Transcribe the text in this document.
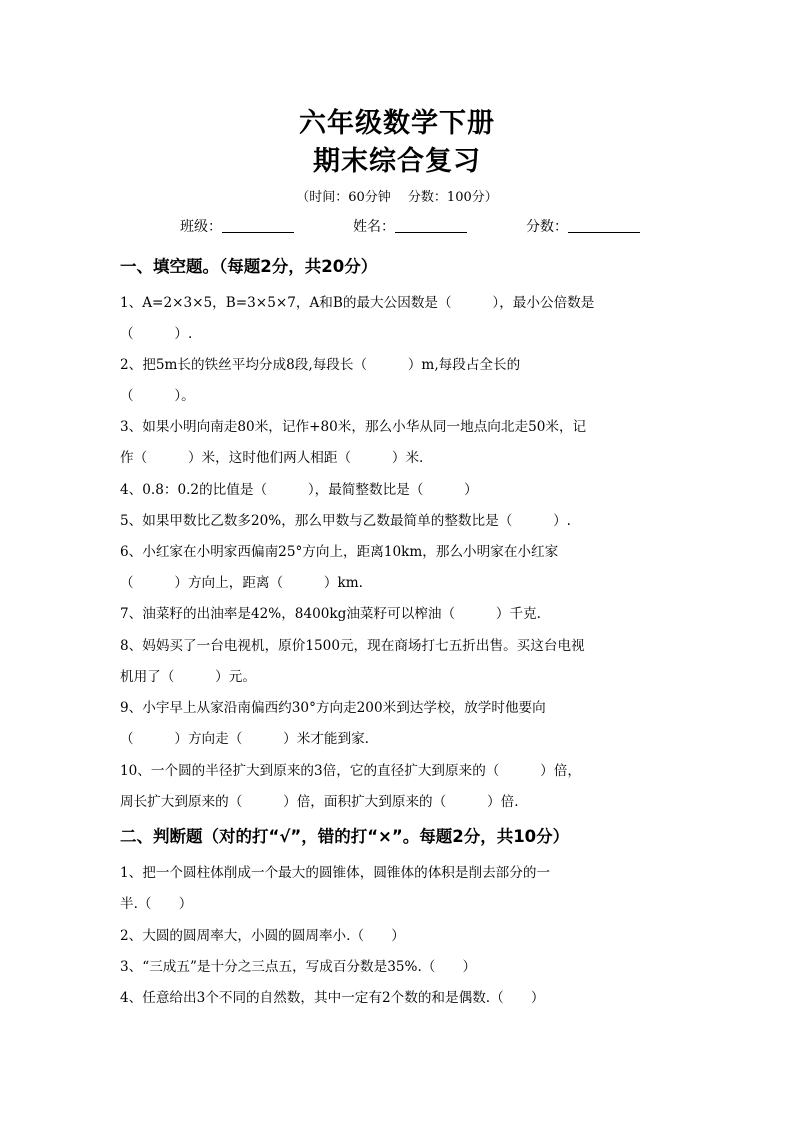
六年级数学下册
期末综合复习
（时间：60分钟　 分数：100分）
班级：	姓名：	分数：
一、填空题。（每题2分，共20分）
1、A=2×3×5，B=3×5×7，A和B的最大公因数是（　　　），最小公倍数是
（　　　）.
2、把5m长的铁丝平均分成8段,每段长（　　　）m,每段占全长的
（　　　）。
3、如果小明向南走80米，记作+80米，那么小华从同一地点向北走50米，记
作（　　　）米，这时他们两人相距（　　　）米.
4、0.8：0.2的比值是（　　　），最简整数比是（　　　）
5、如果甲数比乙数多20%，那么甲数与乙数最简单的整数比是（　　　）.
6、小红家在小明家西偏南25°方向上，距离10km，那么小明家在小红家
（　　　）方向上，距离（　　　）km.
7、油菜籽的出油率是42%，8400kg油菜籽可以榨油（　　　）千克.
8、妈妈买了一台电视机，原价1500元，现在商场打七五折出售。买这台电视
机用了（　　　）元。
9、小宇早上从家沿南偏西约30°方向走200米到达学校，放学时他要向
（　　　）方向走（　　　）米才能到家.
10、一个圆的半径扩大到原来的3倍，它的直径扩大到原来的（　　　）倍，
周长扩大到原来的（　　　）倍，面积扩大到原来的（　　　）倍.
二、判断题（对的打“√”，错的打“×”。每题2分，共10分）
1、把一个圆柱体削成一个最大的圆锥体，圆锥体的体积是削去部分的一
半.（　　）
2、大圆的圆周率大，小圆的圆周率小.（　　）
3、“三成五”是十分之三点五，写成百分数是35%.（　　）
4、任意给出3个不同的自然数，其中一定有2个数的和是偶数.（　　）
